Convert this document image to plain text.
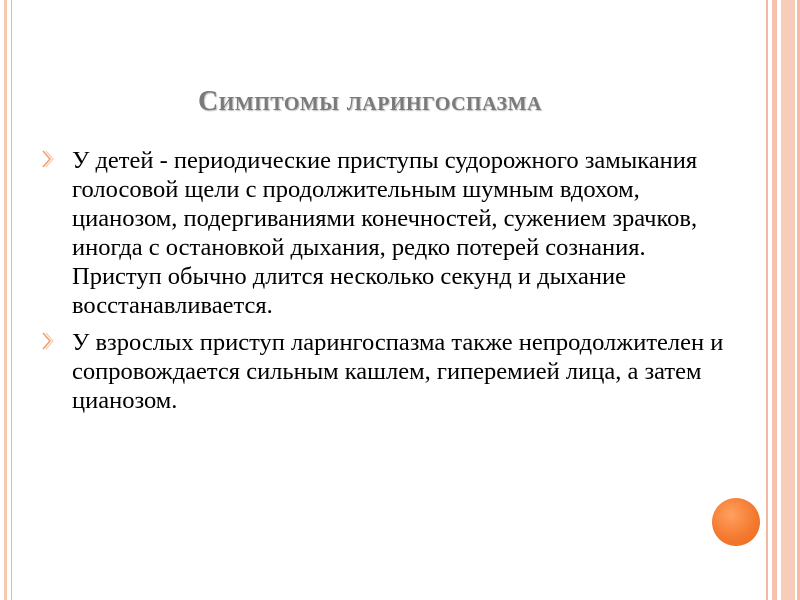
Симптомы ларингоспазма
У детей - периодические приступы судорожного замыкания голосовой щели с продолжительным шумным вдохом, цианозом, подергиваниями конечностей, сужением зрачков, иногда с остановкой дыхания, редко потерей сознания. Приступ обычно длится несколько секунд и дыхание восстанавливается.
У взрослых приступ ларингоспазма также непродолжителен и сопровождается сильным кашлем, гиперемией лица, а затем цианозом.
